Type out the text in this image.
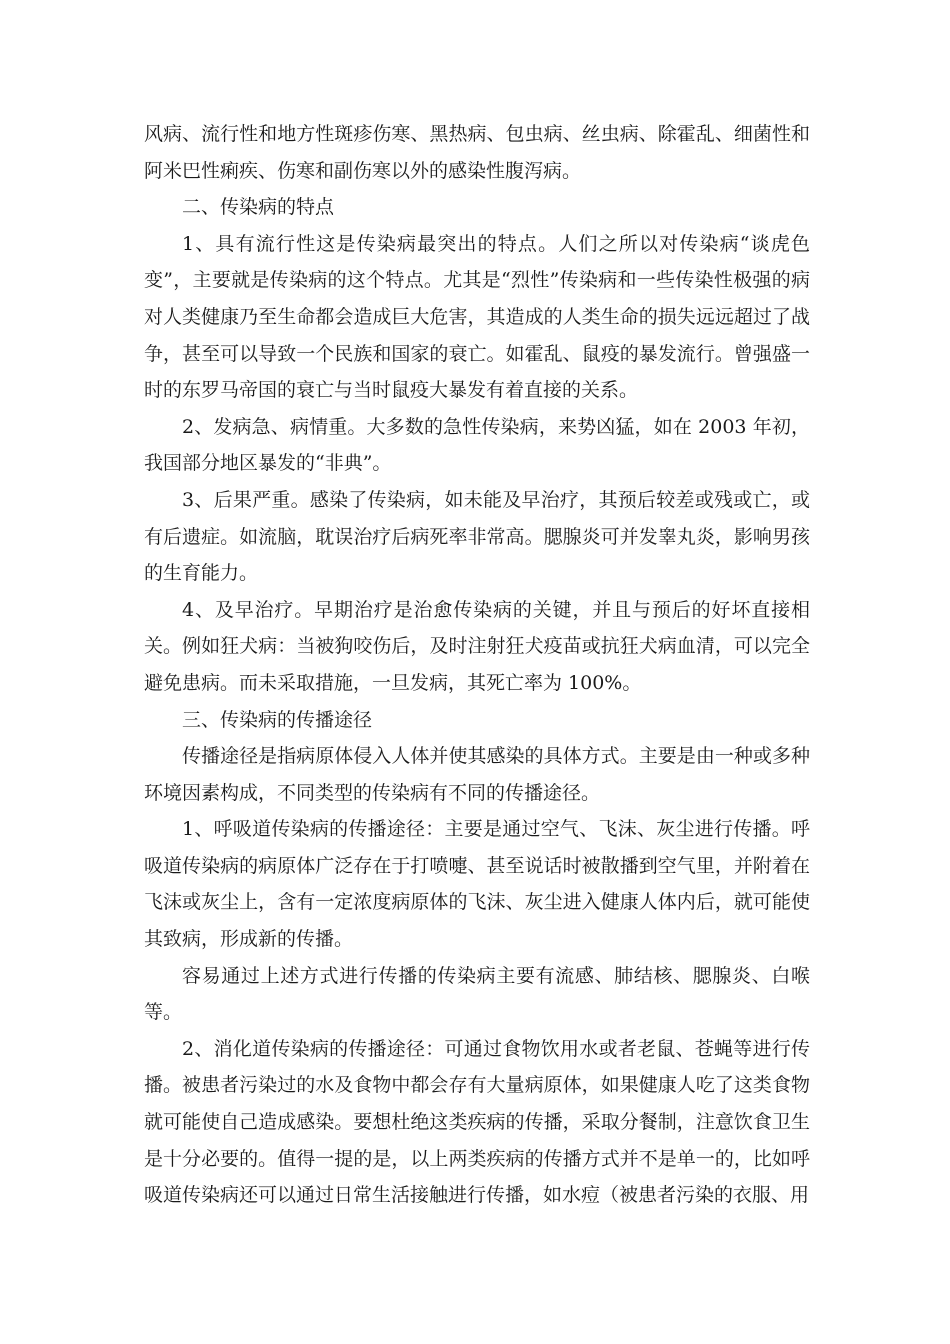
风病、流行性和地方性斑疹伤寒、黑热病、包虫病、丝虫病、除霍乱、细菌性和阿米巴性痢疾、伤寒和副伤寒以外的感染性腹泻病。

二、传染病的特点

1、具有流行性这是传染病最突出的特点。人们之所以对传染病“谈虎色变”，主要就是传染病的这个特点。尤其是“烈性”传染病和一些传染性极强的病对人类健康乃至生命都会造成巨大危害，其造成的人类生命的损失远远超过了战争，甚至可以导致一个民族和国家的衰亡。如霍乱、鼠疫的暴发流行。曾强盛一时的东罗马帝国的衰亡与当时鼠疫大暴发有着直接的关系。

2、发病急、病情重。大多数的急性传染病，来势凶猛，如在 2003 年初，我国部分地区暴发的“非典”。

3、后果严重。感染了传染病，如未能及早治疗，其预后较差或残或亡，或有后遗症。如流脑，耽误治疗后病死率非常高。腮腺炎可并发睾丸炎，影响男孩的生育能力。

4、及早治疗。早期治疗是治愈传染病的关键，并且与预后的好坏直接相关。例如狂犬病：当被狗咬伤后，及时注射狂犬疫苗或抗狂犬病血清，可以完全避免患病。而未采取措施，一旦发病，其死亡率为 100%。

三、传染病的传播途径

传播途径是指病原体侵入人体并使其感染的具体方式。主要是由一种或多种环境因素构成，不同类型的传染病有不同的传播途径。

1、呼吸道传染病的传播途径：主要是通过空气、飞沫、灰尘进行传播。呼吸道传染病的病原体广泛存在于打喷嚏、甚至说话时被散播到空气里，并附着在飞沫或灰尘上，含有一定浓度病原体的飞沫、灰尘进入健康人体内后，就可能使其致病，形成新的传播。

容易通过上述方式进行传播的传染病主要有流感、肺结核、腮腺炎、白喉等。

2、消化道传染病的传播途径：可通过食物饮用水或者老鼠、苍蝇等进行传播。被患者污染过的水及食物中都会存有大量病原体，如果健康人吃了这类食物就可能使自己造成感染。要想杜绝这类疾病的传播，采取分餐制，注意饮食卫生是十分必要的。值得一提的是，以上两类疾病的传播方式并不是单一的，比如呼吸道传染病还可以通过日常生活接触进行传播，如水痘（被患者污染的衣服、用
